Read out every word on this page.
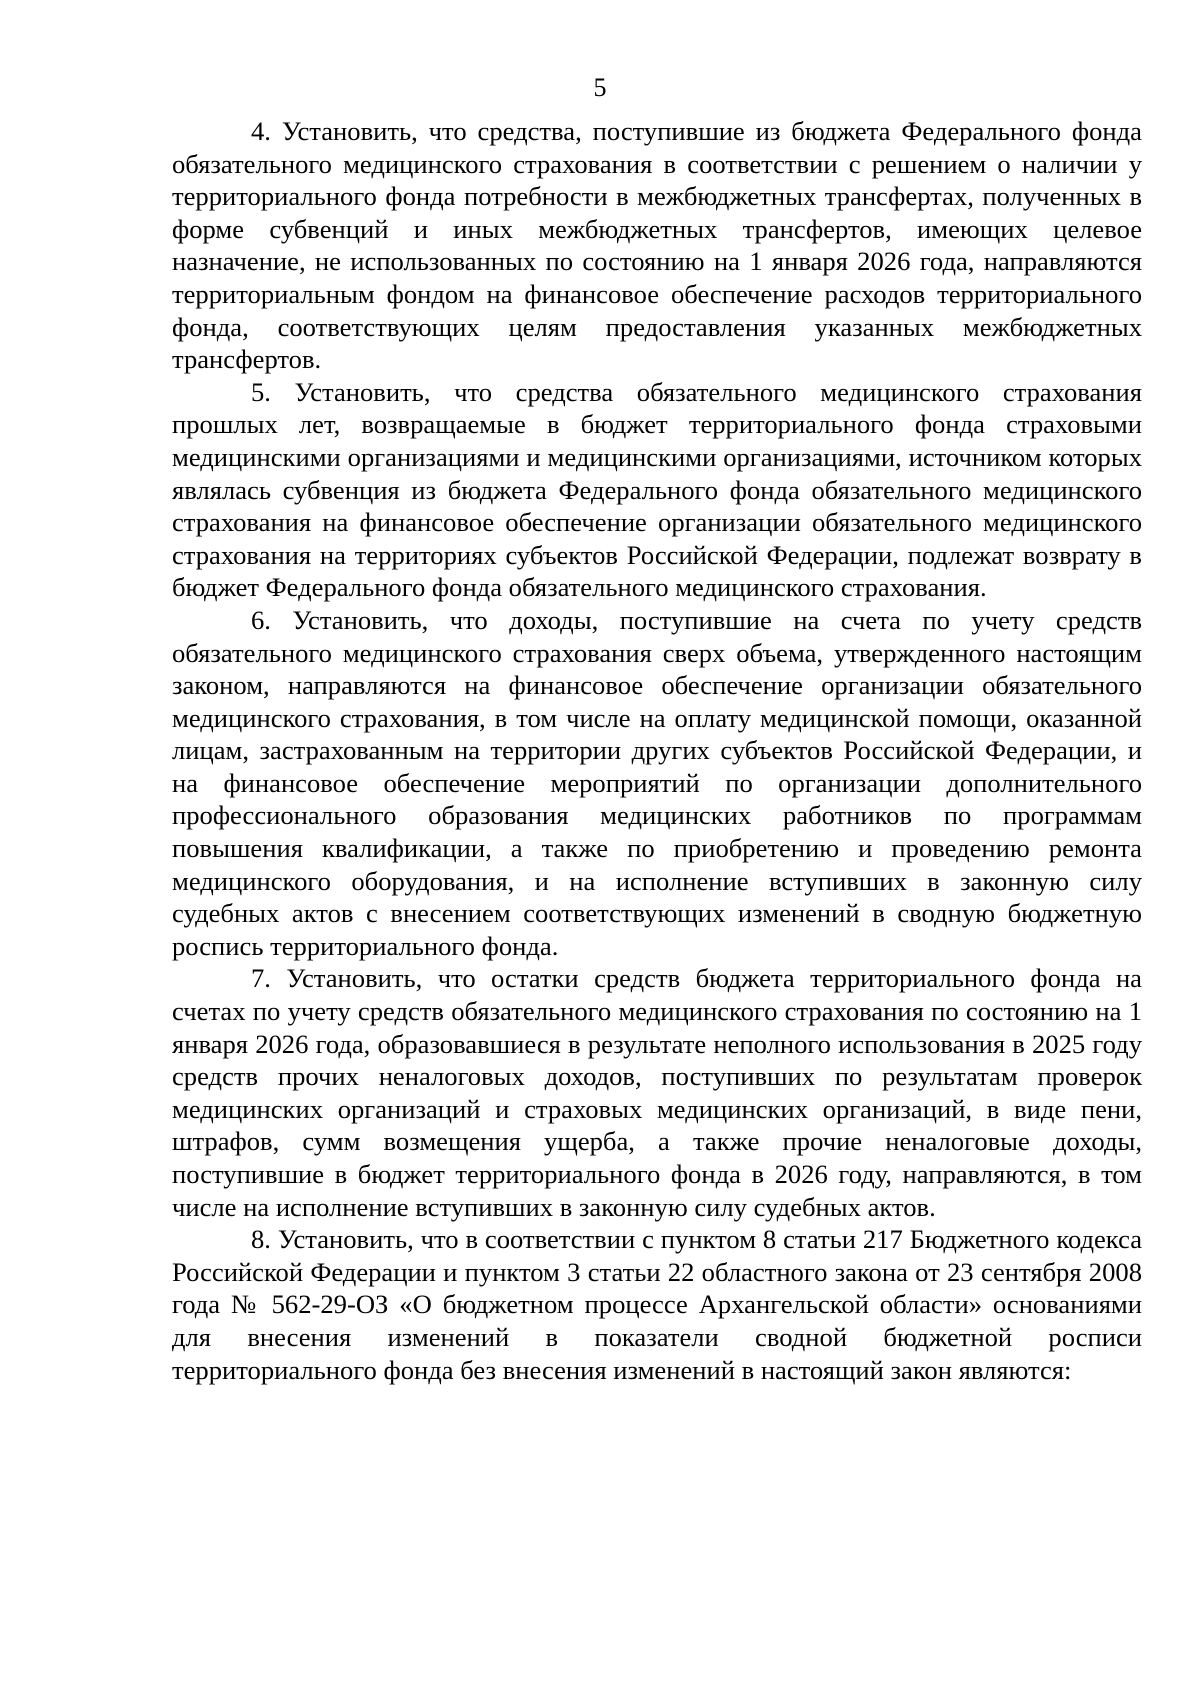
5

4. Установить, что средства, поступившие из бюджета Федерального фонда обязательного медицинского страхования в соответствии с решением о наличии у территориального фонда потребности в межбюджетных трансфертах, полученных в форме субвенций и иных межбюджетных трансфертов, имеющих целевое назначение, не использованных по состоянию на 1 января 2026 года, направляются территориальным фондом на финансовое обеспечение расходов территориального фонда, соответствующих целям предоставления указанных межбюджетных трансфертов.

5. Установить, что средства обязательного медицинского страхования прошлых лет, возвращаемые в бюджет территориального фонда страховыми медицинскими организациями и медицинскими организациями, источником которых являлась субвенция из бюджета Федерального фонда обязательного медицинского страхования на финансовое обеспечение организации обязательного медицинского страхования на территориях субъектов Российской Федерации, подлежат возврату в бюджет Федерального фонда обязательного медицинского страхования.

6. Установить, что доходы, поступившие на счета по учету средств обязательного медицинского страхования сверх объема, утвержденного настоящим законом, направляются на финансовое обеспечение организации обязательного медицинского страхования, в том числе на оплату медицинской помощи, оказанной лицам, застрахованным на территории других субъектов Российской Федерации, и на финансовое обеспечение мероприятий по организации дополнительного профессионального образования медицинских работников по программам повышения квалификации, а также по приобретению и проведению ремонта медицинского оборудования, и на исполнение вступивших в законную силу судебных актов с внесением соответствующих изменений в сводную бюджетную роспись территориального фонда.

7. Установить, что остатки средств бюджета территориального фонда на счетах по учету средств обязательного медицинского страхования по состоянию на 1 января 2026 года, образовавшиеся в результате неполного использования в 2025 году средств прочих неналоговых доходов, поступивших по результатам проверок медицинских организаций и страховых медицинских организаций, в виде пени, штрафов, сумм возмещения ущерба, а также прочие неналоговые доходы, поступившие в бюджет территориального фонда в 2026 году, направляются, в том числе на исполнение вступивших в законную силу судебных актов.

8. Установить, что в соответствии с пунктом 8 статьи 217 Бюджетного кодекса Российской Федерации и пунктом 3 статьи 22 областного закона от 23 сентября 2008 года № 562-29-ОЗ «О бюджетном процессе Архангельской области» основаниями для внесения изменений в показатели сводной бюджетной росписи территориального фонда без внесения изменений в настоящий закон являются:
